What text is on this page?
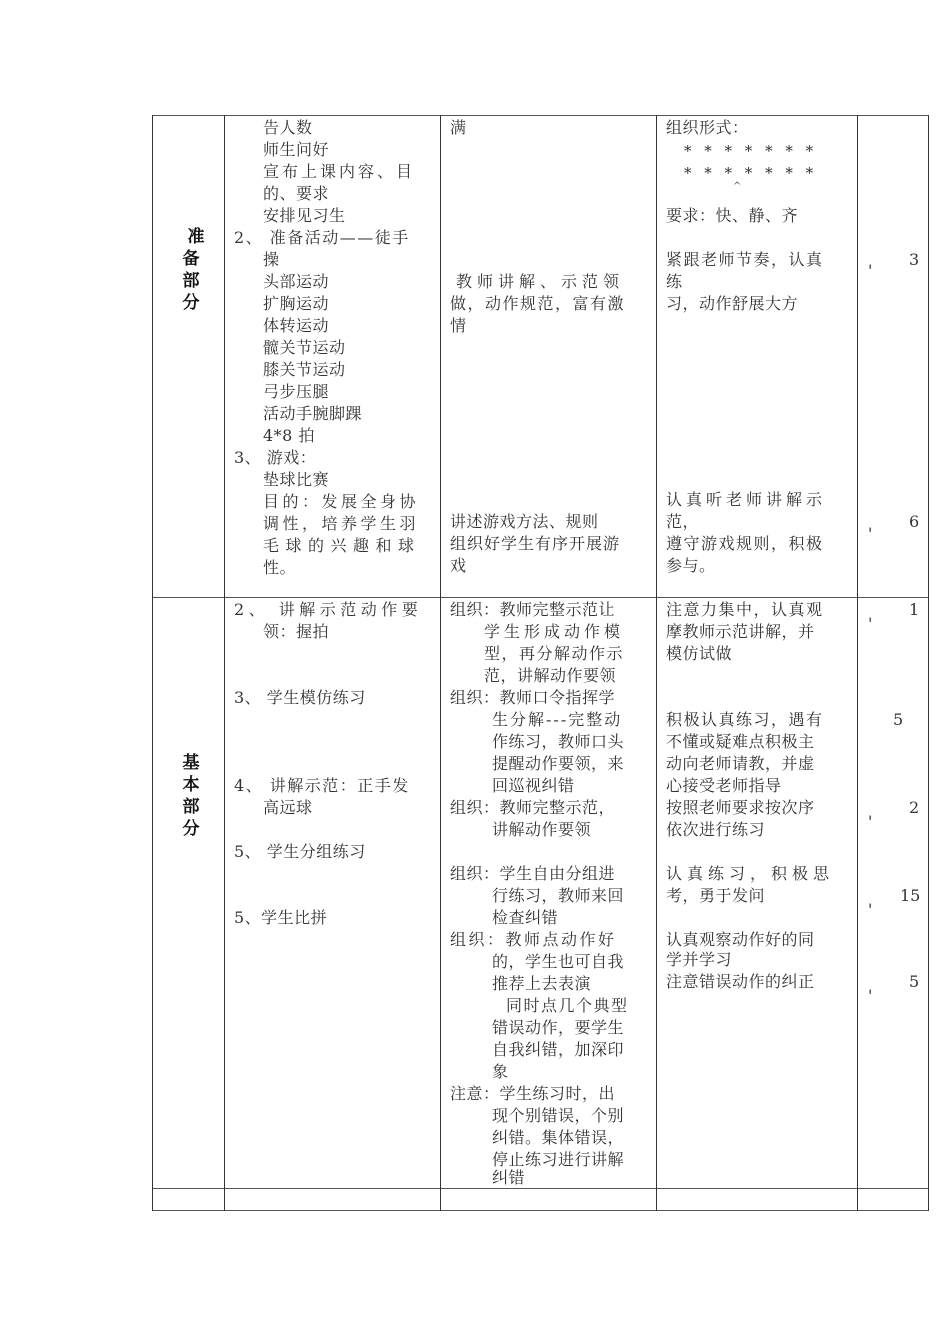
准
备
部
分
告人数
师生问好
宣布上课内容、目
的、要求
安排见习生
2、 准备活动——徒手
操
头部运动
扩胸运动
体转运动
髋关节运动
膝关节运动
弓步压腿
活动手腕脚踝
4*8 拍
3、 游戏：
垫球比赛
目的：发展全身协
调性，培养学生羽
毛球的兴趣和球
性。
满
教师讲解、示范领
做，动作规范，富有激
情
讲述游戏方法、规则
组织好学生有序开展游
戏
组织形式：
* * * * * * *
* * * * * * *
^
要求：快、静、齐
紧跟老师节奏，认真
练
习，动作舒展大方
认真听老师讲解示
范，
遵守游戏规则，积极
参与。
3
'
6
'
基
本
部
分
2、 讲解示范动作要
领：握拍
3、 学生模仿练习
4、 讲解示范：正手发
高远球
5、 学生分组练习
5、学生比拼
组织：教师完整示范让
学生形成动作模
型，再分解动作示
范，讲解动作要领
组织：教师口令指挥学
生分解---完整动
作练习，教师口头
提醒动作要领，来
回巡视纠错
组织：教师完整示范，
讲解动作要领
组织：学生自由分组进
行练习，教师来回
检查纠错
组织：教师点动作好
的，学生也可自我
推荐上去表演
同时点几个典型
错误动作，要学生
自我纠错，加深印
象
注意：学生练习时，出
现个别错误，个别
纠错。集体错误，
停止练习进行讲解
纠错
注意力集中，认真观
摩教师示范讲解，并
模仿试做
积极认真练习，遇有
不懂或疑难点积极主
动向老师请教，并虚
心接受老师指导
按照老师要求按次序
依次进行练习
认真练习，积极思
考，勇于发问
认真观察动作好的同
学并学习
注意错误动作的纠正
1
'
5
2
'
15
'
5
'
